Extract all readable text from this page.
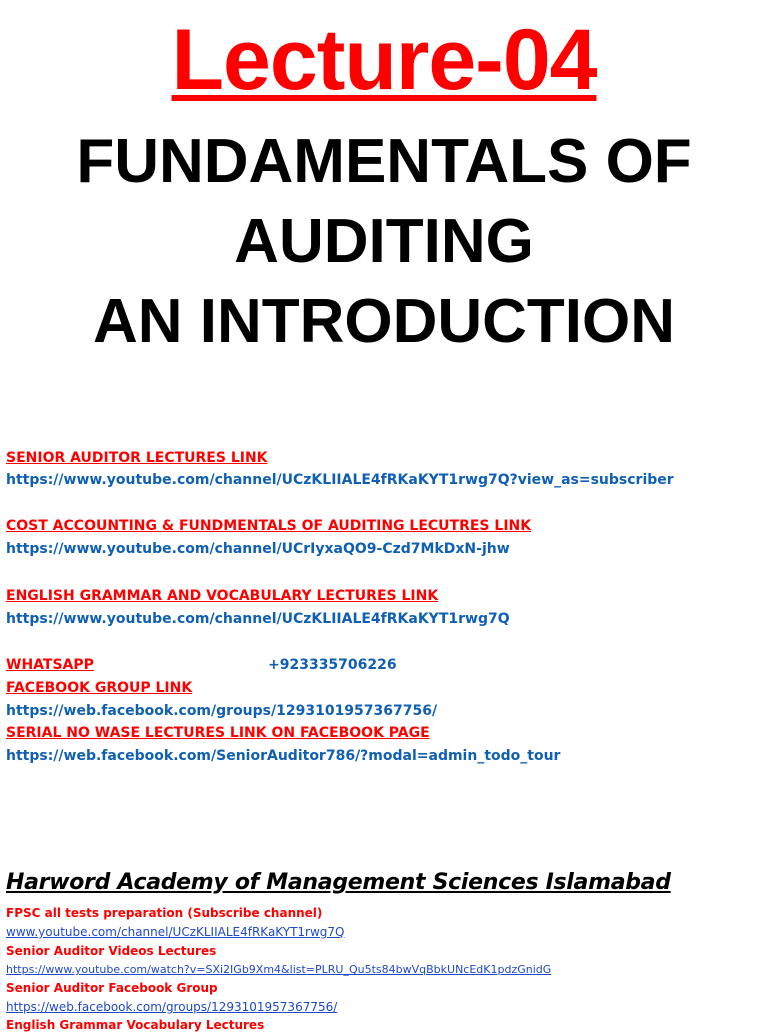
Lecture-04
FUNDAMENTALS OF
AUDITING
AN INTRODUCTION
SENIOR AUDITOR LECTURES LINK
https://www.youtube.com/channel/UCzKLIIALE4fRKaKYT1rwg7Q?view_as=subscriber
COST ACCOUNTING & FUNDMENTALS OF AUDITING LECUTRES LINK
https://www.youtube.com/channel/UCrIyxaQO9-Czd7MkDxN-jhw
ENGLISH GRAMMAR AND VOCABULARY LECTURES LINK
https://www.youtube.com/channel/UCzKLIIALE4fRKaKYT1rwg7Q
WHATSAPP	+923335706226
FACEBOOK GROUP LINK
https://web.facebook.com/groups/1293101957367756/
SERIAL NO WASE LECTURES LINK ON FACEBOOK PAGE
https://web.facebook.com/SeniorAuditor786/?modal=admin_todo_tour
Harword Academy of Management Sciences Islamabad
FPSC all tests preparation (Subscribe channel)
www.youtube.com/channel/UCzKLIIALE4fRKaKYT1rwg7Q
Senior Auditor Videos Lectures
https://www.youtube.com/watch?v=SXi2IGb9Xm4&list=PLRU_Qu5ts84bwVqBbkUNcEdK1pdzGnidG
Senior Auditor Facebook Group
https://web.facebook.com/groups/1293101957367756/
English Grammar Vocabulary Lectures
